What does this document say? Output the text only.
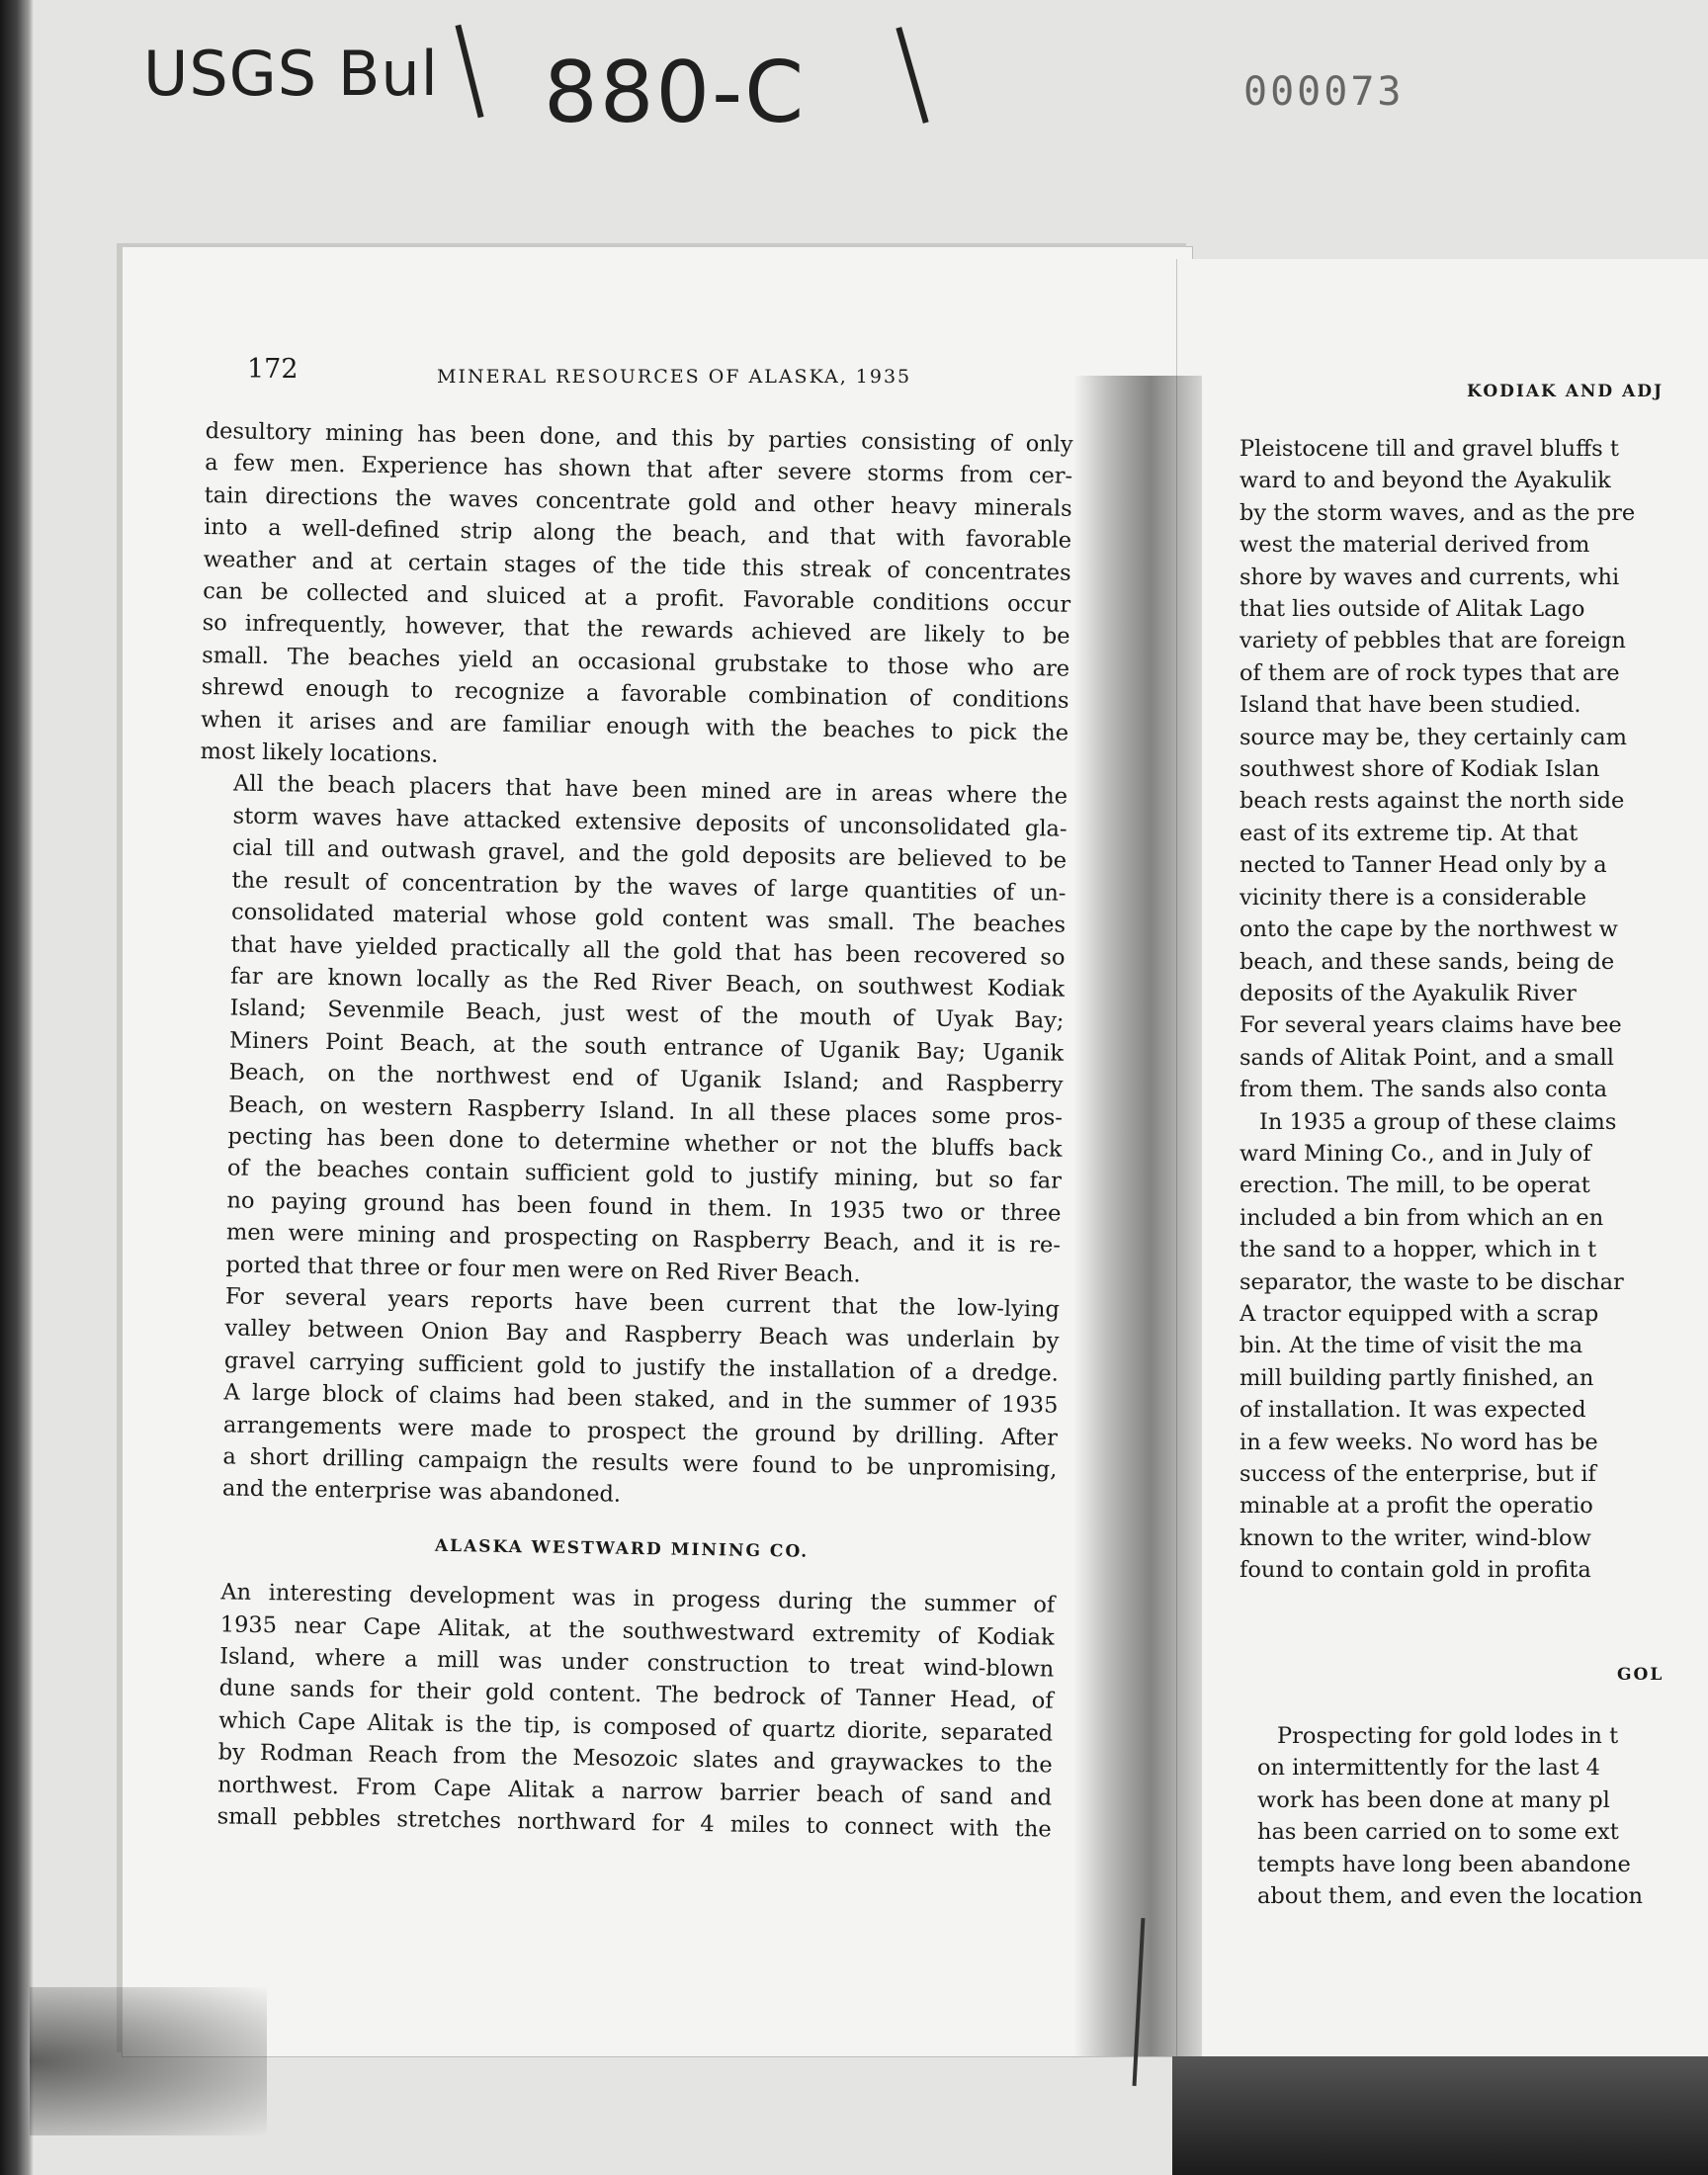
USGS Bul 880-C	000073
172	MINERAL RESOURCES OF ALASKA, 1935

desultory mining has been done, and this by parties consisting of only
a few men. Experience has shown that after severe storms from cer-
tain directions the waves concentrate gold and other heavy minerals
into a well-defined strip along the beach, and that with favorable
weather and at certain stages of the tide this streak of concentrates
can be collected and sluiced at a profit. Favorable conditions occur
so infrequently, however, that the rewards achieved are likely to be
small. The beaches yield an occasional grubstake to those who are
shrewd enough to recognize a favorable combination of conditions
when it arises and are familiar enough with the beaches to pick the
most likely locations.

All the beach placers that have been mined are in areas where the
storm waves have attacked extensive deposits of unconsolidated gla-
cial till and outwash gravel, and the gold deposits are believed to be
the result of concentration by the waves of large quantities of un-
consolidated material whose gold content was small. The beaches
that have yielded practically all the gold that has been recovered so
far are known locally as the Red River Beach, on southwest Kodiak
Island; Sevenmile Beach, just west of the mouth of Uyak Bay;
Miners Point Beach, at the south entrance of Uganik Bay; Uganik
Beach, on the northwest end of Uganik Island; and Raspberry
Beach, on western Raspberry Island. In all these places some pros-
pecting has been done to determine whether or not the bluffs back
of the beaches contain sufficient gold to justify mining, but so far
no paying ground has been found in them. In 1935 two or three
men were mining and prospecting on Raspberry Beach, and it is re-
ported that three or four men were on Red River Beach.

For several years reports have been current that the low-lying
valley between Onion Bay and Raspberry Beach was underlain by
gravel carrying sufficient gold to justify the installation of a dredge.
A large block of claims had been staked, and in the summer of 1935
arrangements were made to prospect the ground by drilling. After
a short drilling campaign the results were found to be unpromising,
and the enterprise was abandoned.

ALASKA WESTWARD MINING CO.

An interesting development was in progess during the summer of
1935 near Cape Alitak, at the southwestward extremity of Kodiak
Island, where a mill was under construction to treat wind-blown
dune sands for their gold content. The bedrock of Tanner Head, of
which Cape Alitak is the tip, is composed of quartz diorite, separated
by Rodman Reach from the Mesozoic slates and graywackes to the
northwest. From Cape Alitak a narrow barrier beach of sand and
small pebbles stretches northward for 4 miles to connect with the

KODIAK AND ADJ
Pleistocene till and gravel bluffs t
ward to and beyond the Ayakulik
by the storm waves, and as the pre
west the material derived from
shore by waves and currents, whi
that lies outside of Alitak Lago
variety of pebbles that are foreign
of them are of rock types that are
Island that have been studied.
source may be, they certainly cam
southwest shore of Kodiak Islan
beach rests against the north side
east of its extreme tip. At that
nected to Tanner Head only by a
vicinity there is a considerable
onto the cape by the northwest w
beach, and these sands, being de
deposits of the Ayakulik River
For several years claims have bee
sands of Alitak Point, and a small
from them. The sands also conta
In 1935 a group of these claims
ward Mining Co., and in July of
erection. The mill, to be operat
included a bin from which an en
the sand to a hopper, which in t
separator, the waste to be dischar
A tractor equipped with a scrap
bin. At the time of visit the ma
mill building partly finished, an
of installation. It was expected
in a few weeks. No word has be
success of the enterprise, but if
minable at a profit the operatio
known to the writer, wind-blow
found to contain gold in profita
GOL
Prospecting for gold lodes in t
on intermittently for the last 4
work has been done at many pl
has been carried on to some ext
tempts have long been abandone
about them, and even the location
